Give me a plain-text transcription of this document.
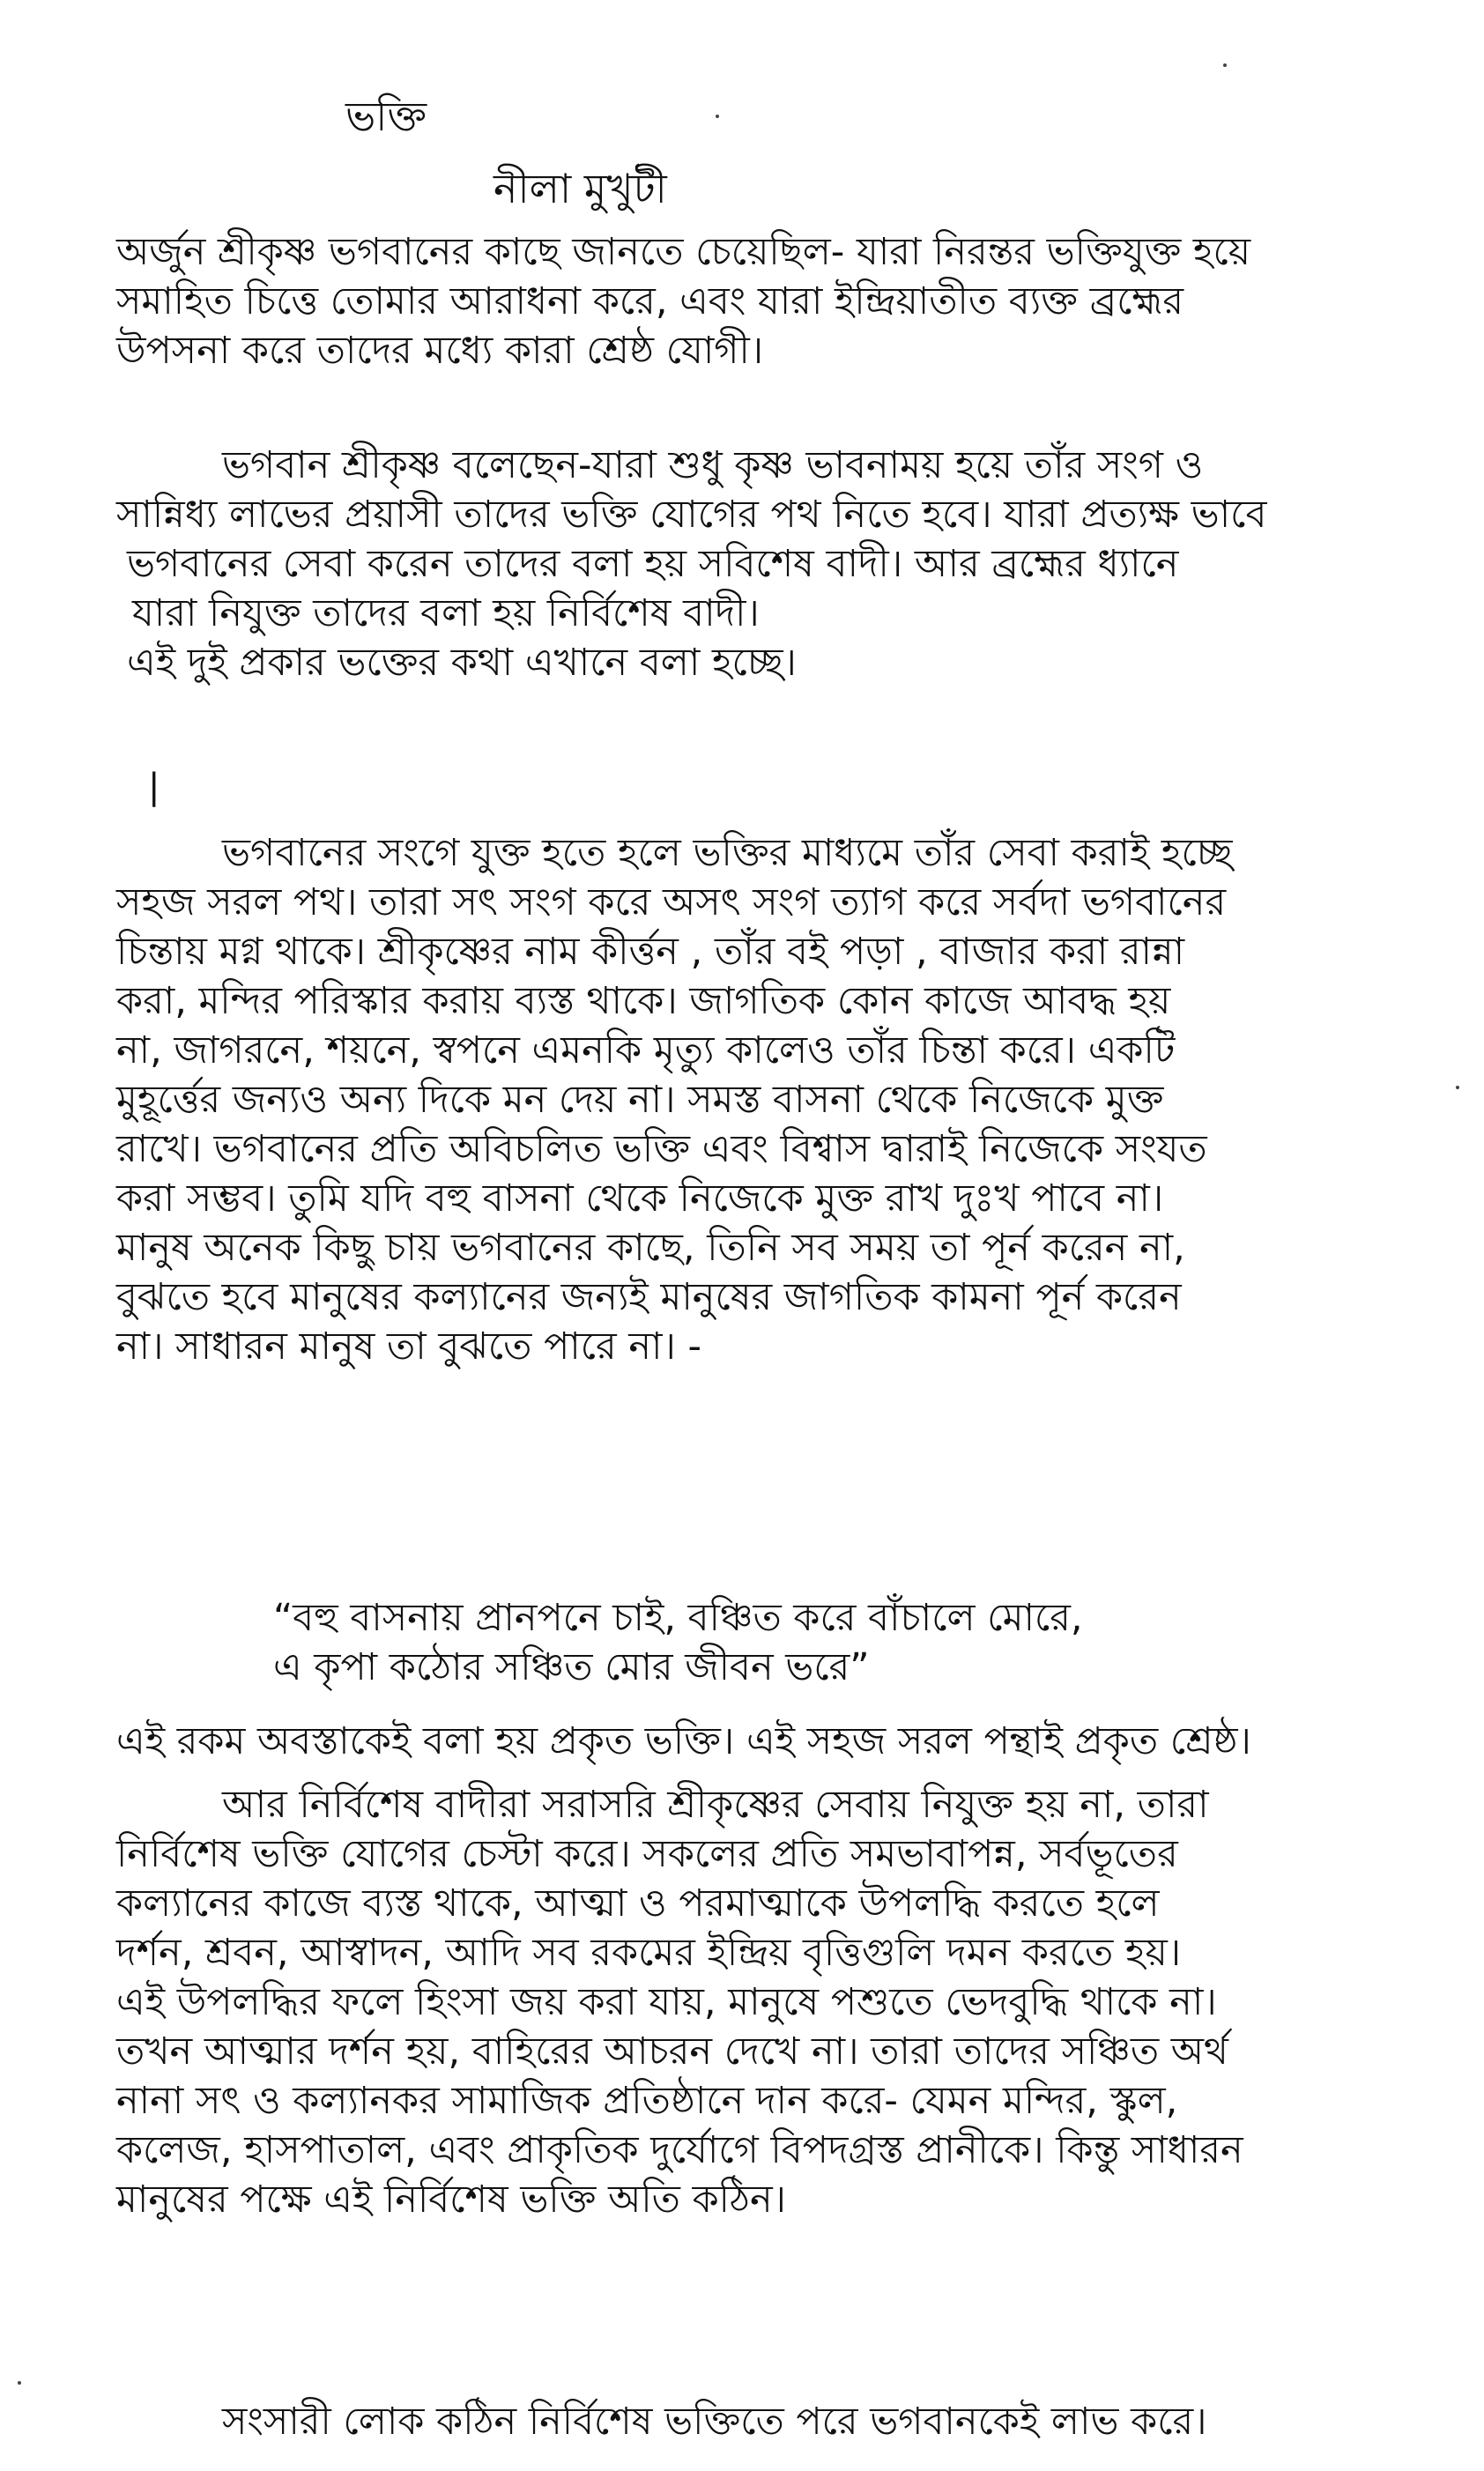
ভক্তি
নীলা মুখুটী
অর্জুন শ্রীকৃষ্ণ ভগবানের কাছে জানতে চেয়েছিল- যারা নিরন্তর ভক্তিযুক্ত হয়ে
সমাহিত চিত্তে তোমার আরাধনা করে, এবং যারা ইন্দ্রিয়াতীত ব্যক্ত ব্রহ্মের
উপসনা করে তাদের মধ্যে কারা শ্রেষ্ঠ যোগী।
ভগবান শ্রীকৃষ্ণ বলেছেন-যারা শুধু কৃষ্ণ ভাবনাময় হয়ে তাঁর সংগ ও
সান্নিধ্য লাভের প্রয়াসী তাদের ভক্তি যোগের পথ নিতে হবে। যারা প্রত্যক্ষ ভাবে
ভগবানের সেবা করেন তাদের বলা হয় সবিশেষ বাদী। আর ব্রহ্মের ধ্যানে
যারা নিযুক্ত তাদের বলা হয় নির্বিশেষ বাদী।
এই দুই প্রকার ভক্তের কথা এখানে বলা হচ্ছে।
|
ভগবানের সংগে যুক্ত হতে হলে ভক্তির মাধ্যমে তাঁর সেবা করাই হচ্ছে
সহজ সরল পথ। তারা সৎ সংগ করে অসৎ সংগ ত্যাগ করে সর্বদা ভগবানের
চিন্তায় মগ্ন থাকে। শ্রীকৃষ্ণের নাম কীর্ত্তন , তাঁর বই পড়া , বাজার করা রান্না
করা, মন্দির পরিস্কার করায় ব্যস্ত থাকে। জাগতিক কোন কাজে আবদ্ধ হয়
না, জাগরনে, শয়নে, স্বপনে এমনকি মৃত্যু কালেও তাঁর চিন্তা করে। একটি
মুহূর্ত্তের জন্যও অন্য দিকে মন দেয় না। সমস্ত বাসনা থেকে নিজেকে মুক্ত
রাখে। ভগবানের প্রতি অবিচলিত ভক্তি এবং বিশ্বাস দ্বারাই নিজেকে সংযত
করা সম্ভব। তুমি যদি বহু বাসনা থেকে নিজেকে মুক্ত রাখ দুঃখ পাবে না।
মানুষ অনেক কিছু চায় ভগবানের কাছে, তিনি সব সময় তা পূর্ন করেন না,
বুঝতে হবে মানুষের কল্যানের জন্যই মানুষের জাগতিক কামনা পূর্ন করেন
না। সাধারন মানুষ তা বুঝতে পারে না। -
“বহু বাসনায় প্রানপনে চাই, বঞ্চিত করে বাঁচালে মোরে,
এ কৃপা কঠোর সঞ্চিত মোর জীবন ভরে”
এই রকম অবস্তাকেই বলা হয় প্রকৃত ভক্তি। এই সহজ সরল পন্থাই প্রকৃত শ্রেষ্ঠ।
আর নির্বিশেষ বাদীরা সরাসরি শ্রীকৃষ্ণের সেবায় নিযুক্ত হয় না, তারা
নির্বিশেষ ভক্তি যোগের চেস্টা করে। সকলের প্রতি সমভাবাপন্ন, সর্বভূতের
কল্যানের কাজে ব্যস্ত থাকে, আত্মা ও পরমাত্মাকে উপলদ্ধি করতে হলে
দর্শন, শ্রবন, আস্বাদন, আদি সব রকমের ইন্দ্রিয় বৃত্তিগুলি দমন করতে হয়।
এই উপলদ্ধির ফলে হিংসা জয় করা যায়, মানুষে পশুতে ভেদবুদ্ধি থাকে না।
তখন আত্মার দর্শন হয়, বাহিরের আচরন দেখে না। তারা তাদের সঞ্চিত অর্থ
নানা সৎ ও কল্যানকর সামাজিক প্রতিষ্ঠানে দান করে- যেমন মন্দির, স্কুল,
কলেজ, হাসপাতাল, এবং প্রাকৃতিক দুর্যোগে বিপদগ্রস্ত প্রানীকে। কিন্তু সাধারন
মানুষের পক্ষে এই নির্বিশেষ ভক্তি অতি কঠিন।
সংসারী লোক কঠিন নির্বিশেষ ভক্তিতে পরে ভগবানকেই লাভ করে।
